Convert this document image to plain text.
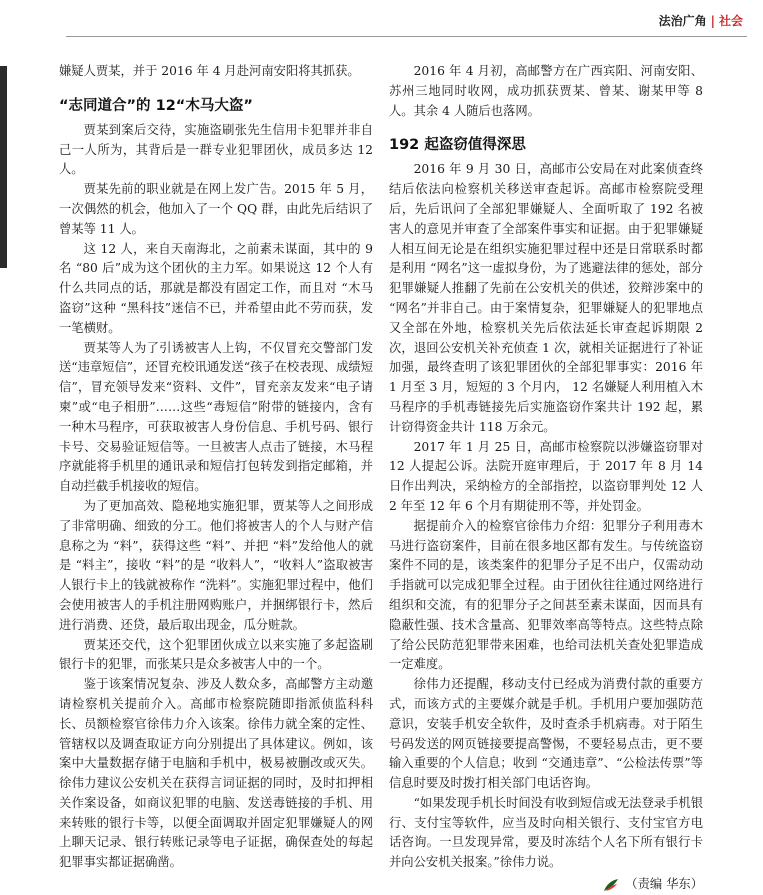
法治广角 | 社会

嫌疑人贾某，并于 2016 年 4 月赴河南安阳将其抓获。

“志同道合”的 12“木马大盗”

贾某到案后交待，实施盗刷张先生信用卡犯罪并非自己一人所为，其背后是一群专业犯罪团伙，成员多达 12 人。

贾某先前的职业就是在网上发广告。2015 年 5 月，一次偶然的机会，他加入了一个 QQ 群，由此先后结识了曾某等 11 人。

这 12 人，来自天南海北，之前素未谋面，其中的 9 名 “80 后”成为这个团伙的主力军。如果说这 12 个人有什么共同点的话，那就是都没有固定工作，而且对 “木马盗窃”这种 “黑科技”迷信不已，并希望由此不劳而获，发一笔横财。

贾某等人为了引诱被害人上钩，不仅冒充交警部门发送“违章短信”，还冒充校讯通发送“孩子在校表现、成绩短信”，冒充领导发来“资料、文件”，冒充亲友发来“电子请柬”或“电子相册”……这些“毒短信”附带的链接内，含有一种木马程序，可获取被害人身份信息、手机号码、银行卡号、交易验证短信等。一旦被害人点击了链接，木马程序就能将手机里的通讯录和短信打包转发到指定邮箱，并自动拦截手机接收的短信。

为了更加高效、隐秘地实施犯罪，贾某等人之间形成了非常明确、细致的分工。他们将被害人的个人与财产信息称之为 “料”，获得这些 “料”、并把 “料”发给他人的就是 “料主”，接收 “料”的是 “收料人”，“收料人”盗取被害人银行卡上的钱就被称作 “洗料”。实施犯罪过程中，他们会使用被害人的手机注册网购账户，并捆绑银行卡，然后进行消费、还贷，最后取出现金，瓜分赃款。

贾某还交代，这个犯罪团伙成立以来实施了多起盗刷银行卡的犯罪，而张某只是众多被害人中的一个。

鉴于该案情况复杂、涉及人数众多，高邮警方主动邀请检察机关提前介入。高邮市检察院随即指派侦监科科长、员额检察官徐伟力介入该案。徐伟力就全案的定性、管辖权以及调查取证方向分别提出了具体建议。例如，该案中大量数据存储于电脑和手机中，极易被删改或灭失。徐伟力建议公安机关在获得言词证据的同时，及时扣押相关作案设备，如商议犯罪的电脑、发送毒链接的手机、用来转账的银行卡等，以便全面调取并固定犯罪嫌疑人的网上聊天记录、银行转账记录等电子证据，确保查处的每起犯罪事实都证据确凿。

2016 年 4 月初，高邮警方在广西宾阳、河南安阳、苏州三地同时收网，成功抓获贾某、曾某、谢某甲等 8 人。其余 4 人随后也落网。

192 起盗窃值得深思

2016 年 9 月 30 日，高邮市公安局在对此案侦查终结后依法向检察机关移送审查起诉。高邮市检察院受理后，先后讯问了全部犯罪嫌疑人、全面听取了 192 名被害人的意见并审查了全部案件事实和证据。由于犯罪嫌疑人相互间无论是在组织实施犯罪过程中还是日常联系时都是利用 “网名”这一虚拟身份，为了逃避法律的惩处，部分犯罪嫌疑人推翻了先前在公安机关的供述，狡辩涉案中的 “网名”并非自己。由于案情复杂，犯罪嫌疑人的犯罪地点又全部在外地，检察机关先后依法延长审查起诉期限 2 次，退回公安机关补充侦查 1 次，就相关证据进行了补证加强，最终查明了该犯罪团伙的全部犯罪事实：2016 年 1 月至 3 月，短短的 3 个月内， 12 名嫌疑人利用植入木马程序的手机毒链接先后实施盗窃作案共计 192 起，累计窃得资金共计 118 万余元。

2017 年 1 月 25 日，高邮市检察院以涉嫌盗窃罪对 12 人提起公诉。法院开庭审理后，于 2017 年 8 月 14 日作出判决，采纳检方的全部指控，以盗窃罪判处 12 人 2 年至 12 年 6 个月有期徒刑不等，并处罚金。

据提前介入的检察官徐伟力介绍：犯罪分子利用毒木马进行盗窃案件，目前在很多地区都有发生。与传统盗窃案件不同的是，该类案件的犯罪分子足不出户，仅需动动手指就可以完成犯罪全过程。由于团伙往往通过网络进行组织和交流，有的犯罪分子之间甚至素未谋面，因而具有隐蔽性强、技术含量高、犯罪效率高等特点。这些特点除了给公民防范犯罪带来困难，也给司法机关查处犯罪造成一定难度。

徐伟力还提醒，移动支付已经成为消费付款的重要方式，而该方式的主要媒介就是手机。手机用户要加强防范意识，安装手机安全软件，及时查杀手机病毒。对于陌生号码发送的网页链接要提高警惕，不要轻易点击，更不要输入重要的个人信息；收到 “交通违章”、“公检法传票”等信息时要及时拨打相关部门电话咨询。

“如果发现手机长时间没有收到短信或无法登录手机银行、支付宝等软件，应当及时向相关银行、支付宝官方电话咨询。一旦发现异常，要及时冻结个人名下所有银行卡并向公安机关报案。”徐伟力说。

（责编 华东）
